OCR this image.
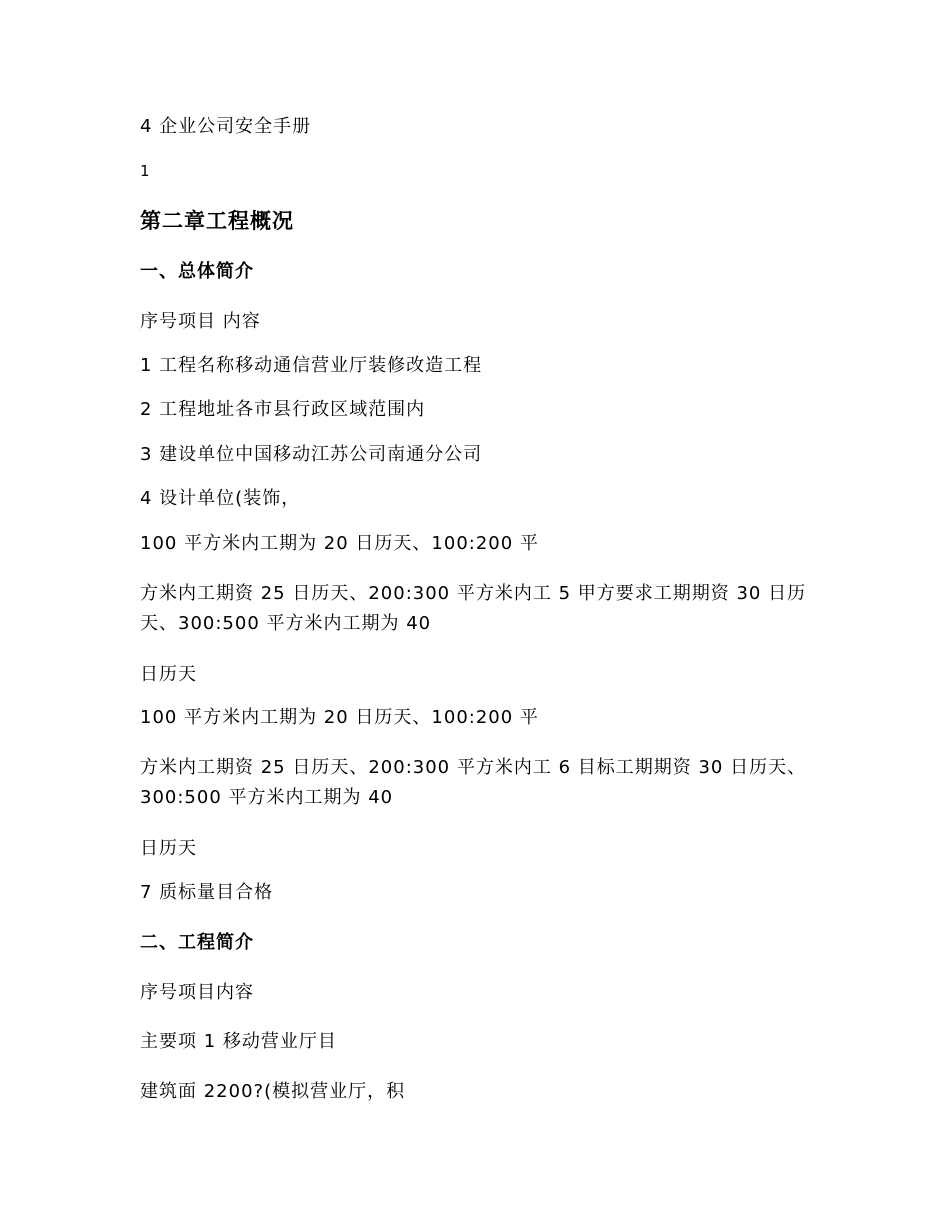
4 企业公司安全手册
1
第二章工程概况
一、总体简介
序号项目 内容
1 工程名称移动通信营业厅装修改造工程
2 工程地址各市县行政区域范围内
3 建设单位中国移动江苏公司南通分公司
4 设计单位(装饰，
100 平方米内工期为 20 日历天、100:200 平
方米内工期资 25 日历天、200:300 平方米内工 5 甲方要求工期期资 30 日历天、300:500 平方米内工期为 40
日历天
100 平方米内工期为 20 日历天、100:200 平
方米内工期资 25 日历天、200:300 平方米内工 6 目标工期期资 30 日历天、300:500 平方米内工期为 40
日历天
7 质标量目合格
二、工程简介
序号项目内容
主要项 1 移动营业厅目
建筑面 2200?(模拟营业厅，积
